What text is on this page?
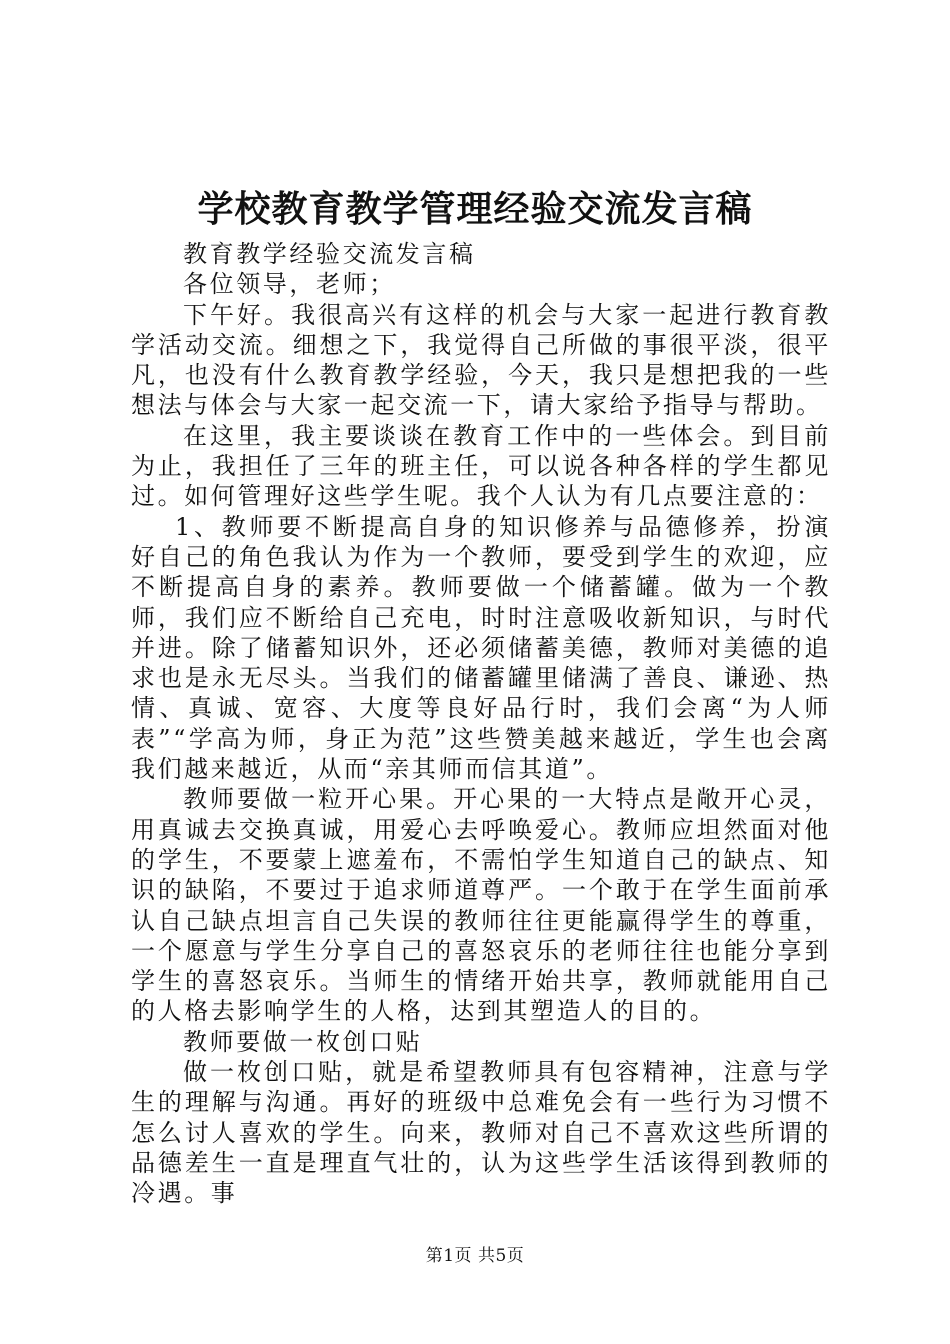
学校教育教学管理经验交流发言稿

教育教学经验交流发言稿

各位领导，老师；

下午好。我很高兴有这样的机会与大家一起进行教育教学活动交流。细想之下，我觉得自己所做的事很平淡，很平凡，也没有什么教育教学经验，今天，我只是想把我的一些想法与体会与大家一起交流一下，请大家给予指导与帮助。

在这里，我主要谈谈在教育工作中的一些体会。到目前为止，我担任了三年的班主任，可以说各种各样的学生都见过。如何管理好这些学生呢。我个人认为有几点要注意的：

1、教师要不断提高自身的知识修养与品德修养，扮演好自己的角色我认为作为一个教师，要受到学生的欢迎，应不断提高自身的素养。教师要做一个储蓄罐。做为一个教师，我们应不断给自己充电，时时注意吸收新知识，与时代并进。除了储蓄知识外，还必须储蓄美德，教师对美德的追求也是永无尽头。当我们的储蓄罐里储满了善良、谦逊、热情、真诚、宽容、大度等良好品行时，我们会离“为人师表”“学高为师，身正为范”这些赞美越来越近，学生也会离我们越来越近，从而“亲其师而信其道”。

教师要做一粒开心果。开心果的一大特点是敞开心灵，用真诚去交换真诚，用爱心去呼唤爱心。教师应坦然面对他的学生，不要蒙上遮羞布，不需怕学生知道自己的缺点、知识的缺陷，不要过于追求师道尊严。一个敢于在学生面前承认自己缺点坦言自己失误的教师往往更能赢得学生的尊重，一个愿意与学生分享自己的喜怒哀乐的老师往往也能分享到学生的喜怒哀乐。当师生的情绪开始共享，教师就能用自己的人格去影响学生的人格，达到其塑造人的目的。

教师要做一枚创口贴

做一枚创口贴，就是希望教师具有包容精神，注意与学生的理解与沟通。再好的班级中总难免会有一些行为习惯不怎么讨人喜欢的学生。向来，教师对自己不喜欢这些所谓的品德差生一直是理直气壮的，认为这些学生活该得到教师的冷遇。事

第1页 共5页
